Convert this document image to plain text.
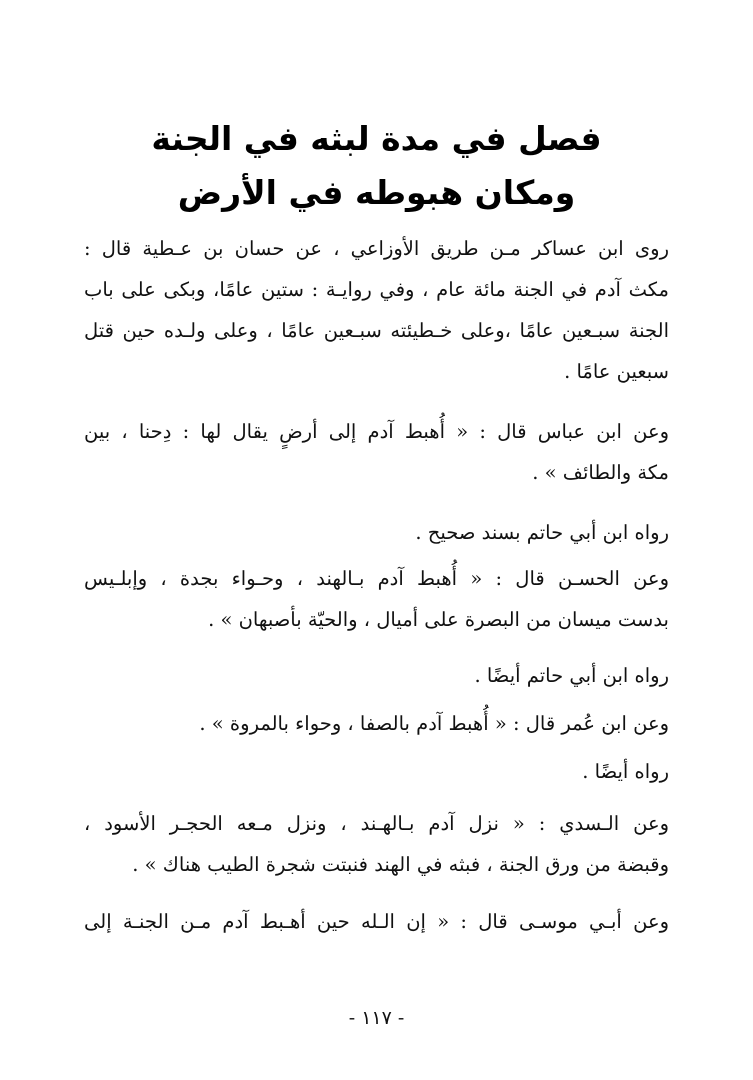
فصل في مدة لبثه في الجنة
ومكان هبوطه في الأرض
روى ابن عساكر مـن طريق الأوزاعي ، عن حسان بن عـطية قال :
مكث آدم في الجنة مائة عام ، وفي روايـة : ستين عامًا، وبكى على باب
الجنة سبـعين عامًا ،وعلى خـطيئته سبـعين عامًا ، وعلى ولـده حين قتل
سبعين عامًا .
وعن ابن عباس قال : « أُهبط آدم إلى أرضٍ يقال لها : دِحنا ، بين
مكة والطائف » .
رواه ابن أبي حاتم بسند صحيح .
وعن الحسـن قال : « أُهبط آدم بـالهند ، وحـواء بجدة ، وإبلـيس
بدست ميسان من البصرة على أميال ، والحيّة بأصبهان » .
رواه ابن أبي حاتم أيضًا .
وعن ابن عُمر قال : « أُهبط آدم بالصفا ، وحواء بالمروة » .
رواه أيضًا .
وعن الـسدي : « نزل آدم بـالهـند ، ونزل مـعه الحجـر الأسود ،
وقبضة من ورق الجنة ، فبثه في الهند فنبتت شجرة الطيب هناك » .
وعن أبـي موسـى قال : « إن الـله حين أهـبط آدم مـن الجنـة إلى
- ١١٧ -
